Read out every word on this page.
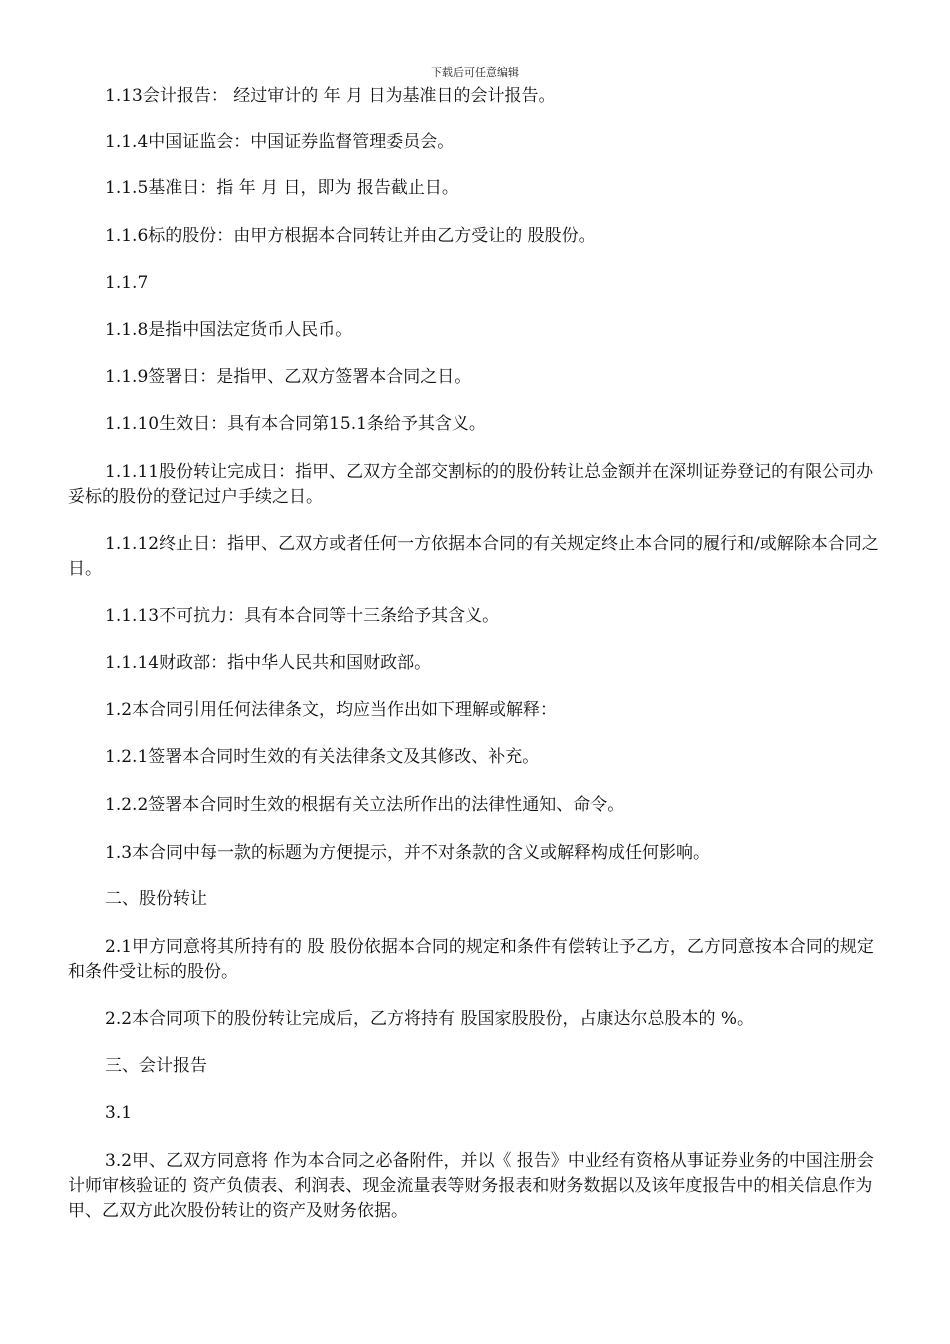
下载后可任意编辑
1.13会计报告： 经过审计的 年 月 日为基准日的会计报告。
1.1.4中国证监会：中国证券监督管理委员会。
1.1.5基准日：指 年 月 日，即为 报告截止日。
1.1.6标的股份：由甲方根据本合同转让并由乙方受让的 股股份。
1.1.7
1.1.8是指中国法定货币人民币。
1.1.9签署日：是指甲、乙双方签署本合同之日。
1.1.10生效日：具有本合同第15.1条给予其含义。
1.1.11股份转让完成日：指甲、乙双方全部交割标的的股份转让总金额并在深圳证券登记的有限公司办妥标的股份的登记过户手续之日。
1.1.12终止日：指甲、乙双方或者任何一方依据本合同的有关规定终止本合同的履行和/或解除本合同之日。
1.1.13不可抗力：具有本合同等十三条给予其含义。
1.1.14财政部：指中华人民共和国财政部。
1.2本合同引用任何法律条文，均应当作出如下理解或解释：
1.2.1签署本合同时生效的有关法律条文及其修改、补充。
1.2.2签署本合同时生效的根据有关立法所作出的法律性通知、命令。
1.3本合同中每一款的标题为方便提示，并不对条款的含义或解释构成任何影响。
二、股份转让
2.1甲方同意将其所持有的 股 股份依据本合同的规定和条件有偿转让予乙方，乙方同意按本合同的规定和条件受让标的股份。
2.2本合同项下的股份转让完成后，乙方将持有 股国家股股份，占康达尔总股本的 %。
三、会计报告
3.1
3.2甲、乙双方同意将 作为本合同之必备附件，并以《 报告》中业经有资格从事证券业务的中国注册会计师审核验证的 资产负债表、利润表、现金流量表等财务报表和财务数据以及该年度报告中的相关信息作为甲、乙双方此次股份转让的资产及财务依据。
